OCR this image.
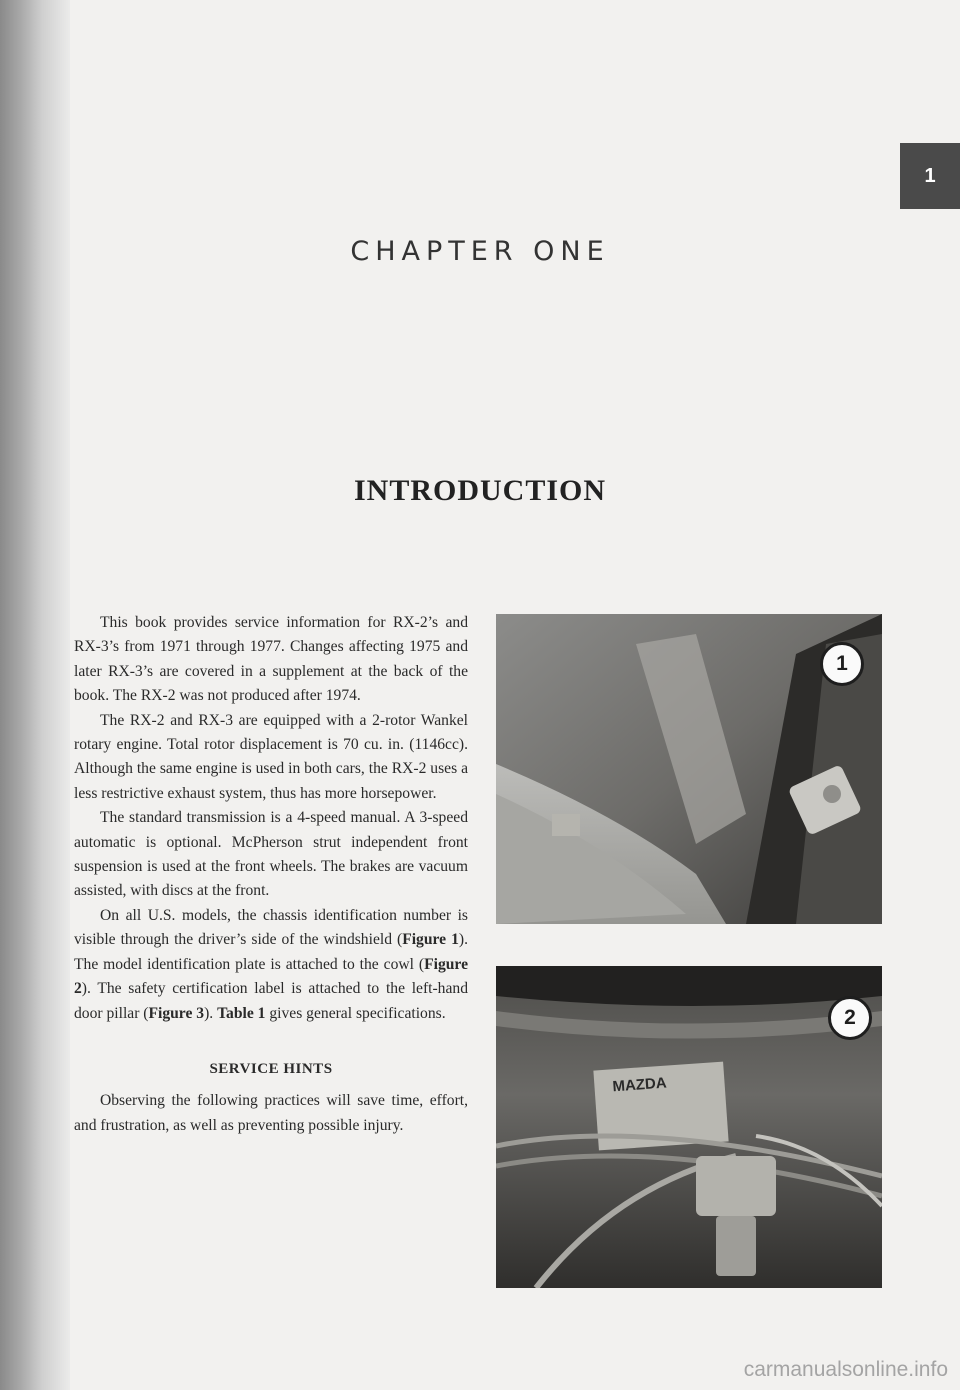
1
CHAPTER ONE
INTRODUCTION

This book provides service information for RX-2’s and RX-3’s from 1971 through 1977. Changes affecting 1975 and later RX-3’s are covered in a supplement at the back of the book. The RX-2 was not produced after 1974.

The RX-2 and RX-3 are equipped with a 2-rotor Wankel rotary engine. Total rotor displacement is 70 cu. in. (1146cc). Although the same engine is used in both cars, the RX-2 uses a less restrictive exhaust system, thus has more horsepower.

The standard transmission is a 4-speed manual. A 3-speed automatic is optional. McPherson strut independent front suspension is used at the front wheels. The brakes are vacuum assisted, with discs at the front.

On all U.S. models, the chassis identification number is visible through the driver’s side of the windshield (Figure 1). The model identification plate is attached to the cowl (Figure 2). The safety certification label is attached to the left-hand door pillar (Figure 3). Table 1 gives general specifications.

SERVICE HINTS

Observing the following practices will save time, effort, and frustration, as well as preventing possible injury.

1
MAZDA
2
carmanualsonline.info
